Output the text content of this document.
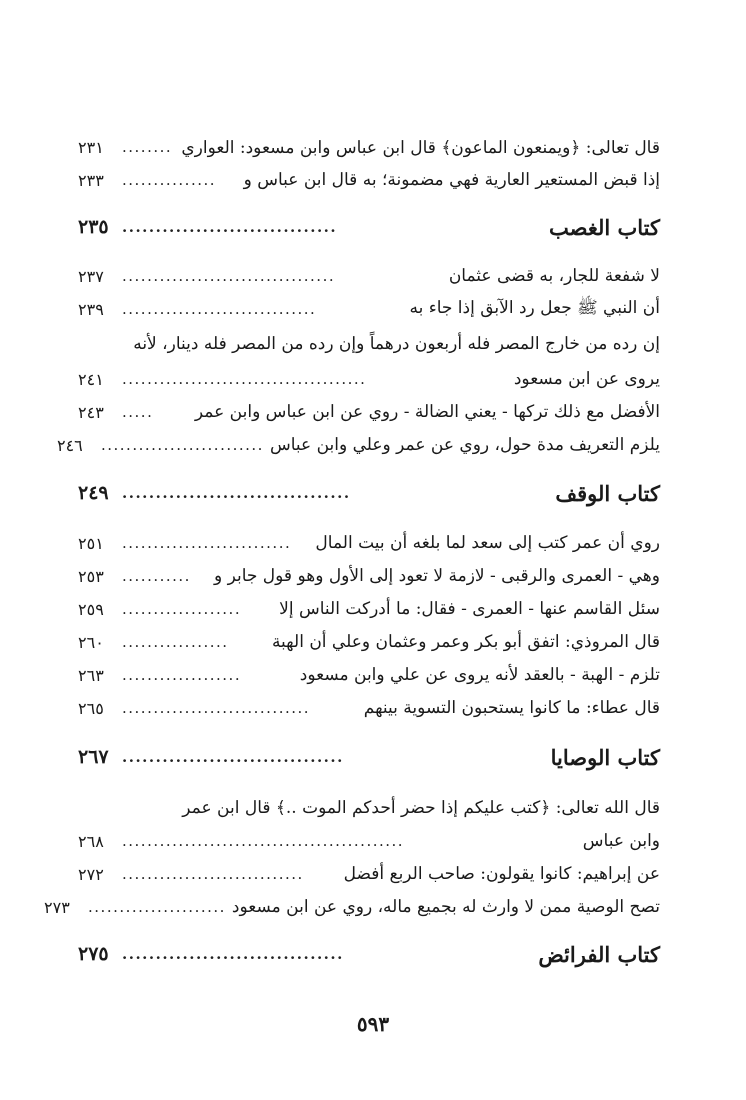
قال تعالى: ﴿ويمنعون الماعون﴾ قال ابن عباس وابن مسعود: العواري
........
٢٣١
إذا قبض المستعير العارية فهي مضمونة؛ به قال ابن عباس و
...............
٢٣٣
كتاب الغصب
................................
٢٣٥
لا شفعة للجار، به قضى عثمان
..................................
٢٣٧
أن النبي ﷺ جعل رد الآبق إذا جاء به
...............................
٢٣٩
إن رده من خارج المصر فله أربعون درهماً وإن رده من المصر فله دينار، لأنه
يروى عن ابن مسعود
.......................................
٢٤١
الأفضل مع ذلك تركها - يعني الضالة - روي عن ابن عباس وابن عمر
.....
٢٤٣
يلزم التعريف مدة حول، روي عن عمر وعلي وابن عباس
..........................
٢٤٦
كتاب الوقف
..................................
٢٤٩
روي أن عمر كتب إلى سعد لما بلغه أن بيت المال
...........................
٢٥١
وهي - العمرى والرقبى - لازمة لا تعود إلى الأول وهو قول جابر و
...........
٢٥٣
سئل القاسم عنها - العمرى - فقال: ما أدركت الناس إلا
...................
٢٥٩
قال المروذي: اتفق أبو بكر وعمر وعثمان وعلي أن الهبة
.................
٢٦٠
تلزم - الهبة - بالعقد لأنه يروى عن علي وابن مسعود
...................
٢٦٣
قال عطاء: ما كانوا يستحبون التسوية بينهم
..............................
٢٦٥
كتاب الوصايا
.................................
٢٦٧
قال الله تعالى: ﴿كتب عليكم إذا حضر أحدكم الموت ..﴾ قال ابن عمر
وابن عباس
.............................................
٢٦٨
عن إبراهيم: كانوا يقولون: صاحب الربع أفضل
.............................
٢٧٢
تصح الوصية ممن لا وارث له بجميع ماله، روي عن ابن مسعود
......................
٢٧٣
كتاب الفرائض
.................................
٢٧٥
٥٩٣
